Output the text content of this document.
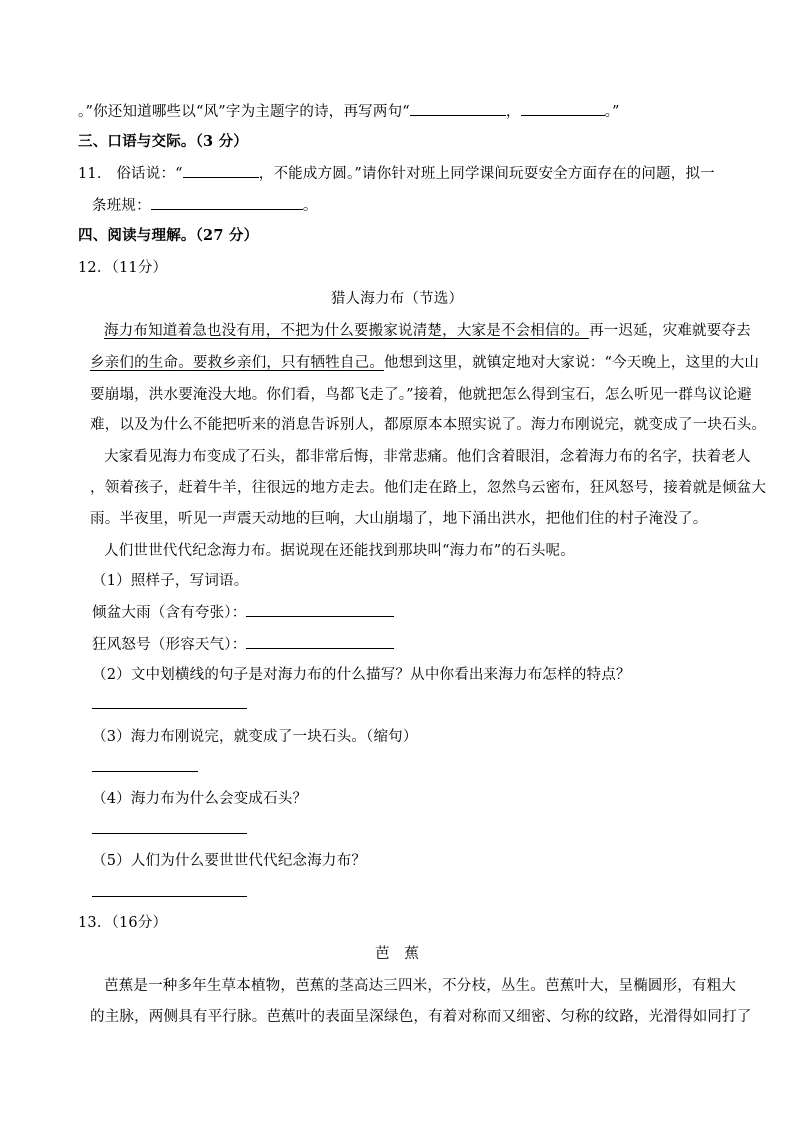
。”你还知道哪些以“风”字为主题字的诗，再写两句“	，	。”
三、口语与交际。（3 分）
11． 俗话说：“	，不能成方圆。”请你针对班上同学课间玩耍安全方面存在的问题，拟一
条班规：	。
四、阅读与理解。（27 分）
12．（11分）
猎人海力布（节选）
海力布知道着急也没有用，不把为什么要搬家说清楚，大家是不会相信的。再一迟延，灾难就要夺去
乡亲们的生命。要救乡亲们，只有牺牲自己。他想到这里，就镇定地对大家说：“今天晚上，这里的大山
要崩塌，洪水要淹没大地。你们看，鸟都飞走了。”接着，他就把怎么得到宝石，怎么听见一群鸟议论避
难，以及为什么不能把听来的消息告诉别人，都原原本本照实说了。海力布刚说完，就变成了一块石头。
大家看见海力布变成了石头，都非常后悔，非常悲痛。他们含着眼泪，念着海力布的名字，扶着老人
，领着孩子，赶着牛羊，往很远的地方走去。他们走在路上，忽然乌云密布，狂风怒号，接着就是倾盆大
雨。半夜里，听见一声震天动地的巨响，大山崩塌了，地下涌出洪水，把他们住的村子淹没了。
人们世世代代纪念海力布。据说现在还能找到那块叫“海力布”的石头呢。
（1）照样子，写词语。
倾盆大雨（含有夸张）：
狂风怒号（形容天气）：
（2）文中划横线的句子是对海力布的什么描写？从中你看出来海力布怎样的特点？
（3）海力布刚说完，就变成了一块石头。（缩句）
（4）海力布为什么会变成石头？
（5）人们为什么要世世代代纪念海力布？
13．（16分）
芭　蕉
芭蕉是一种多年生草本植物，芭蕉的茎高达三四米，不分枝，丛生。芭蕉叶大，呈椭圆形，有粗大
的主脉，两侧具有平行脉。芭蕉叶的表面呈深绿色，有着对称而又细密、匀称的纹路，光滑得如同打了
